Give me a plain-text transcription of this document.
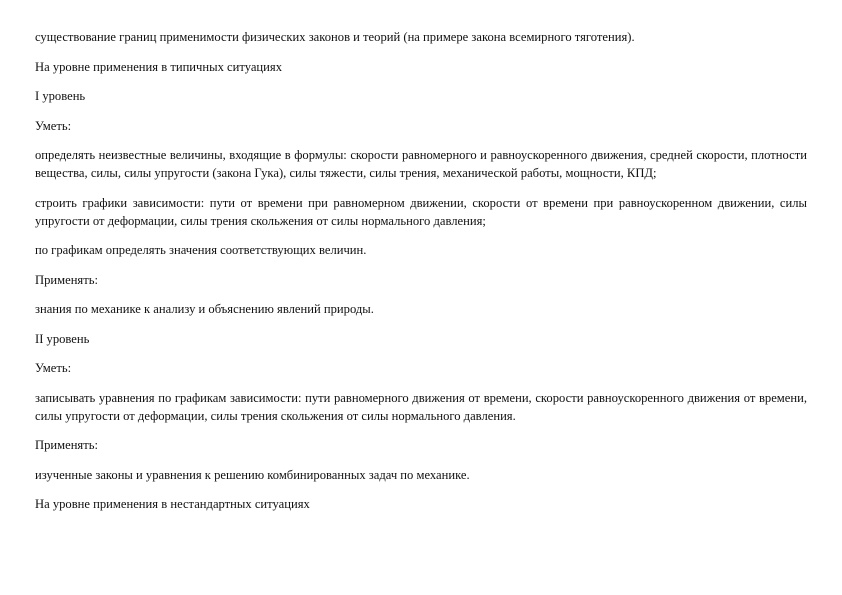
существование границ применимости физических законов и теорий (на примере закона всемирного тяготения).

На уровне применения в типичных ситуациях

I уровень

Уметь:

определять неизвестные величины, входящие в формулы: скорости равномерного и равноускоренного движения, средней скорости, плотности вещества, силы, силы упругости (закона Гука), силы тяжести, силы трения, механической работы, мощности, КПД;

строить графики зависимости: пути от времени при равномерном движении, скорости от времени при равноускоренном движении, силы упругости от деформации, силы трения скольжения от силы нормального давления;

по графикам определять значения соответствующих величин.

Применять:

знания по механике к анализу и объяснению явлений природы.

II уровень

Уметь:

записывать уравнения по графикам зависимости: пути равномерного движения от времени, скорости равноускоренного движения от времени, силы упругости от деформации, силы трения скольжения от силы нормального давления.

Применять:

изученные законы и уравнения к решению комбинированных задач по механике.

На уровне применения в нестандартных ситуациях
